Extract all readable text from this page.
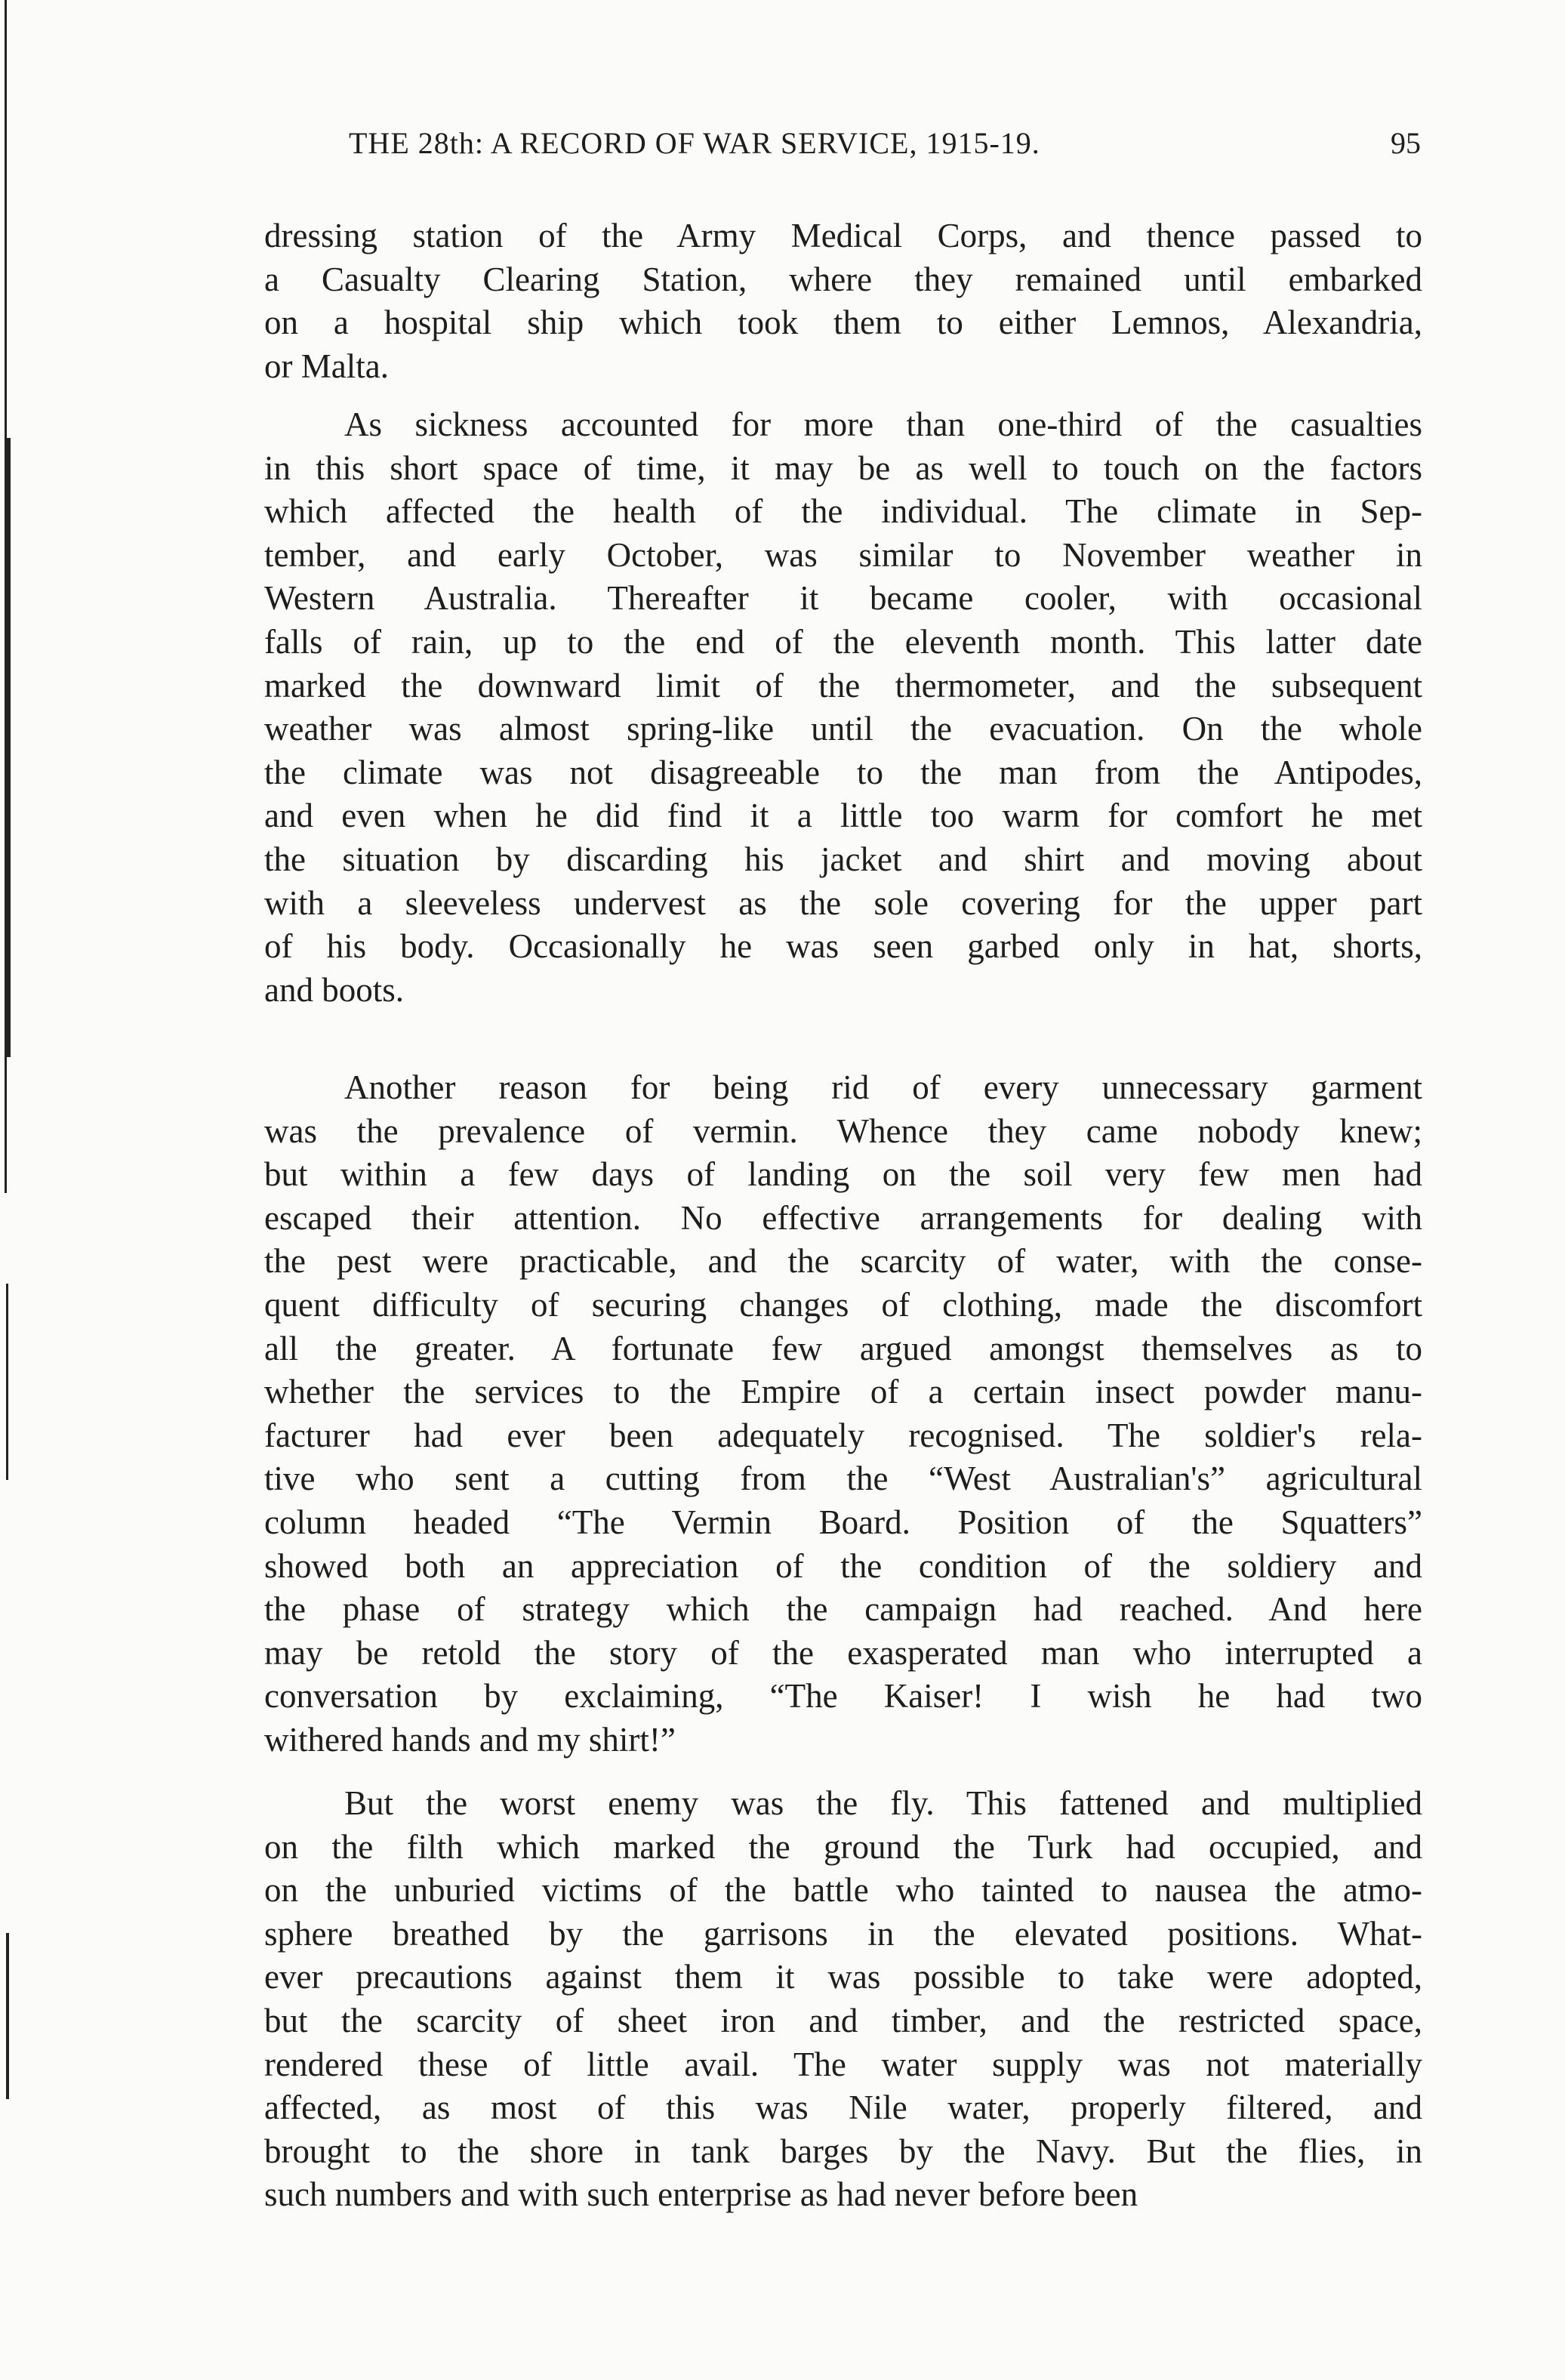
THE 28th: A RECORD OF WAR SERVICE, 1915-19.	95
dressing station of the Army Medical Corps, and thence passed to
a Casualty Clearing Station, where they remained until embarked
on a hospital ship which took them to either Lemnos, Alexandria,
or Malta.
As sickness accounted for more than one-third of the casualties
in this short space of time, it may be as well to touch on the factors
which affected the health of the individual. The climate in Sep-
tember, and early October, was similar to November weather in
Western Australia. Thereafter it became cooler, with occasional
falls of rain, up to the end of the eleventh month. This latter date
marked the downward limit of the thermometer, and the subsequent
weather was almost spring-like until the evacuation. On the whole
the climate was not disagreeable to the man from the Antipodes,
and even when he did find it a little too warm for comfort he met
the situation by discarding his jacket and shirt and moving about
with a sleeveless undervest as the sole covering for the upper part
of his body. Occasionally he was seen garbed only in hat, shorts,
and boots.
Another reason for being rid of every unnecessary garment
was the prevalence of vermin. Whence they came nobody knew;
but within a few days of landing on the soil very few men had
escaped their attention. No effective arrangements for dealing with
the pest were practicable, and the scarcity of water, with the conse-
quent difficulty of securing changes of clothing, made the discomfort
all the greater. A fortunate few argued amongst themselves as to
whether the services to the Empire of a certain insect powder manu-
facturer had ever been adequately recognised. The soldier's rela-
tive who sent a cutting from the “West Australian's” agricultural
column headed “The Vermin Board. Position of the Squatters”
showed both an appreciation of the condition of the soldiery and
the phase of strategy which the campaign had reached. And here
may be retold the story of the exasperated man who interrupted a
conversation by exclaiming, “The Kaiser! I wish he had two
withered hands and my shirt!”
But the worst enemy was the fly. This fattened and multiplied
on the filth which marked the ground the Turk had occupied, and
on the unburied victims of the battle who tainted to nausea the atmo-
sphere breathed by the garrisons in the elevated positions. What-
ever precautions against them it was possible to take were adopted,
but the scarcity of sheet iron and timber, and the restricted space,
rendered these of little avail. The water supply was not materially
affected, as most of this was Nile water, properly filtered, and
brought to the shore in tank barges by the Navy. But the flies, in
such numbers and with such enterprise as had never before been
